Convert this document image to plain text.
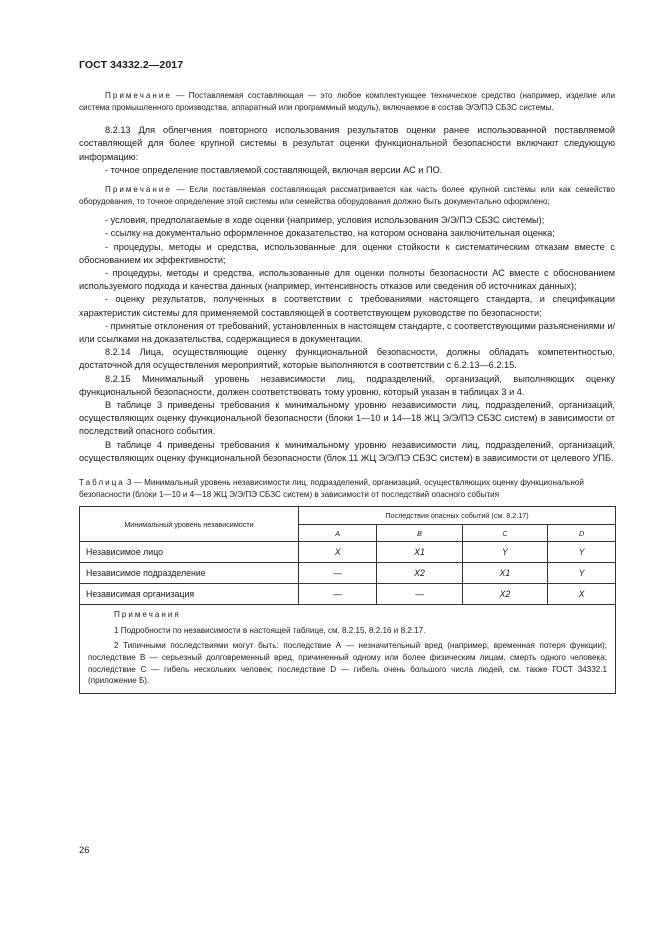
ГОСТ 34332.2—2017

Примечание — Поставляемая составляющая — это любое комплектующее техническое средство (например, изделие или система промышленного производства, аппаратный или программный модуль), включаемое в состав Э/Э/ПЭ СБЗС системы.

8.2.13 Для облегчения повторного использования результатов оценки ранее использованной поставляемой составляющей для более крупной системы в результат оценки функциональной безопасности включают следующую информацию:

- точное определение поставляемой составляющей, включая версии АС и ПО.

Примечание — Если поставляемая составляющая рассматривается как часть более крупной системы или как семейство оборудования, то точное определение этой системы или семейства оборудования должно быть документально оформлено;

- условия, предполагаемые в ходе оценки (например, условия использования Э/Э/ПЭ СБЗС системы);

- ссылку на документально оформленное доказательство, на котором основана заключительная оценка;

- процедуры, методы и средства, использованные для оценки стойкости к систематическим отказам вместе с обоснованием их эффективности;

- процедуры, методы и средства, использованные для оценки полноты безопасности АС вместе с обоснованием используемого подхода и качества данных (например, интенсивность отказов или сведения об источниках данных);

- оценку результатов, полученных в соответствии с требованиями настоящего стандарта, и спецификации характеристик системы для применяемой составляющей в соответствующем руководстве по безопасности;

- принятые отклонения от требований, установленных в настоящем стандарте, с соответствующими разъяснениями и/или ссылками на доказательства, содержащиеся в документации.

8.2.14 Лица, осуществляющие оценку функциональной безопасности, должны обладать компетентностью, достаточной для осуществления мероприятий, которые выполняются в соответствии с 6.2.13—6.2.15.

8.2.15 Минимальный уровень независимости лиц, подразделений, организаций, выполняющих оценку функциональной безопасности, должен соответствовать тому уровню, который указан в таблицах 3 и 4.

В таблице 3 приведены требования к минимальному уровню независимости лиц, подразделений, организаций, осуществляющих оценку функциональной безопасности (блоки 1—10 и 14—18 ЖЦ Э/Э/ПЭ СБЗС систем) в зависимости от последствий опасного события.

В таблице 4 приведены требования к минимальному уровню независимости лиц, подразделений, организаций, осуществляющих оценку функциональной безопасности (блок 11 ЖЦ Э/Э/ПЭ СБЗС систем) в зависимости от целевого УПБ.

Таблица 3 — Минимальный уровень независимости лиц, подразделений, организаций, осуществляющих оценку функциональной безопасности (блоки 1—10 и 4—18 ЖЦ Э/Э/ПЭ СБЗС систем) в зависимости от последствий опасного события

Минимальный уровень независимости	Последствия опасных событий (см. 8.2.17)			
	А	В	С	D
Независимое лицо	X	X1	Y	Y
Независимое подразделение	—	X2	X1	Y
Независимая организация	—	—	X2	X

Примечания

1 Подробности по независимости в настоящей таблице, см. 8.2.15, 8.2.16 и 8.2.17.

2 Типичными последствиями могут быть: последствие А — незначительный вред (например, временная потеря функции); последствие В — серьезный долговременный вред, причиненный одному или более физическим лицам, смерть одного человека; последствие С — гибель нескольких человек; последствие D — гибель очень большого числа людей, см. также ГОСТ 34332.1 (приложение Б).				

26
